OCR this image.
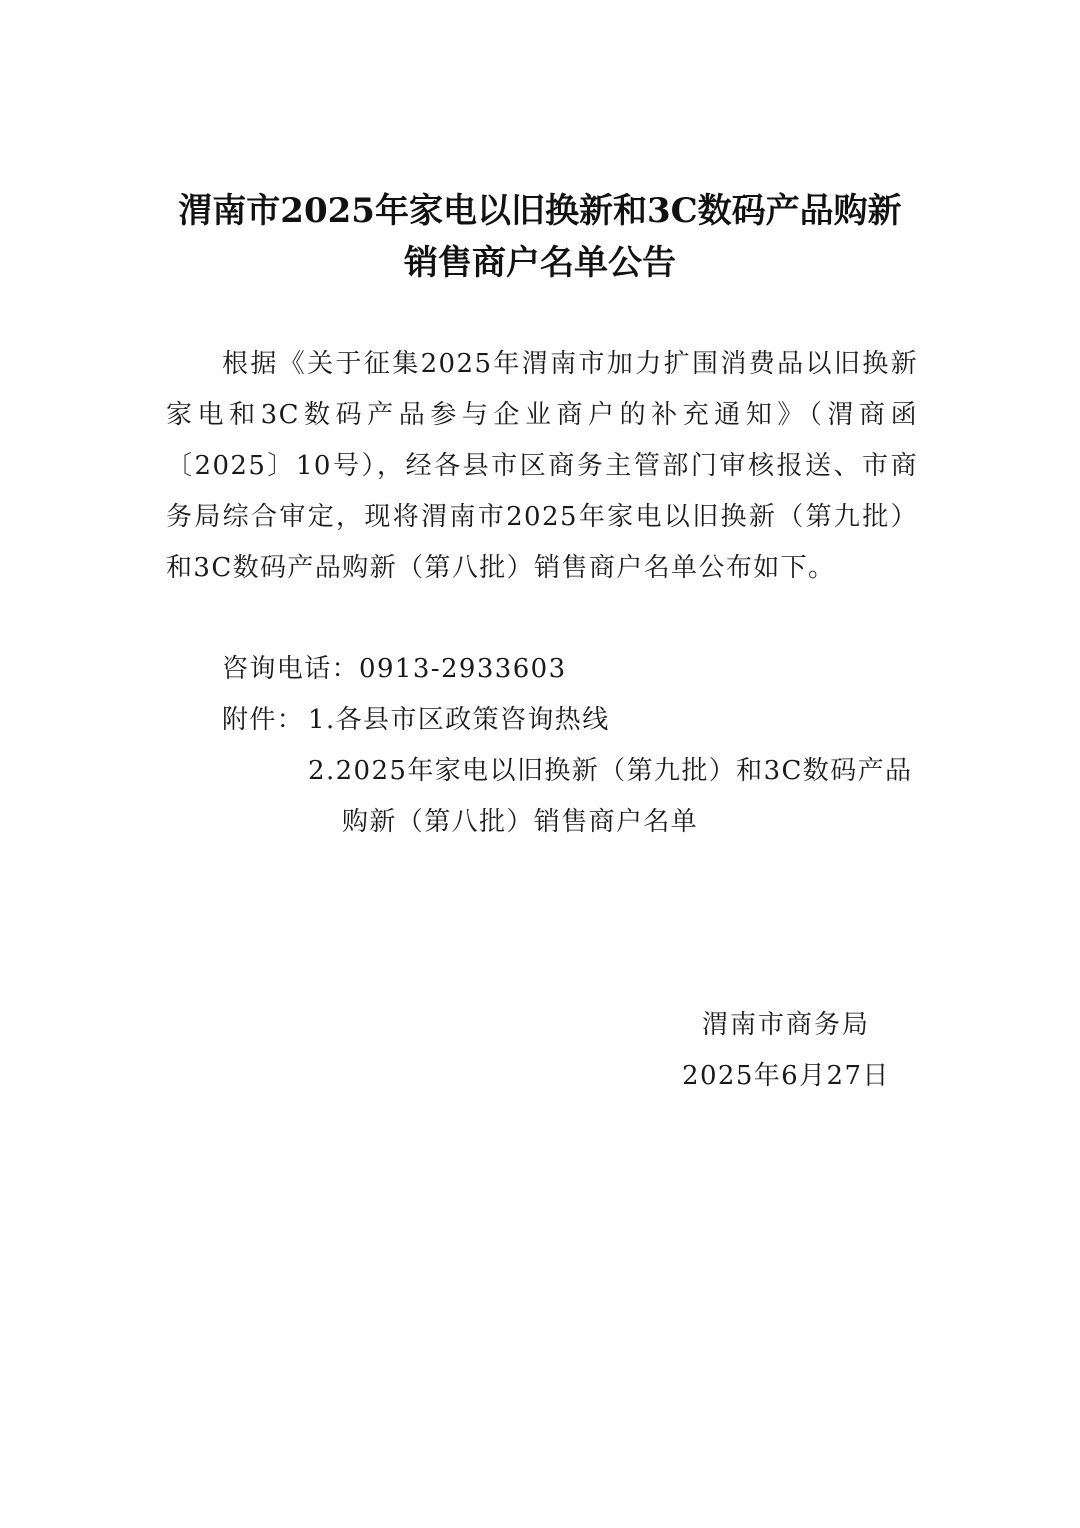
渭南市2025年家电以旧换新和3C数码产品购新
销售商户名单公告
根据《关于征集2025年渭南市加力扩围消费品以旧换新家电和3C数码产品参与企业商户的补充通知》（渭商函〔2025〕10号），经各县市区商务主管部门审核报送、市商务局综合审定，现将渭南市2025年家电以旧换新（第九批）和3C数码产品购新（第八批）销售商户名单公布如下。
咨询电话：0913-2933603
附件： 1.各县市区政策咨询热线
2.2025年家电以旧换新（第九批）和3C数码产品购新（第八批）销售商户名单
渭南市商务局
2025年6月27日
